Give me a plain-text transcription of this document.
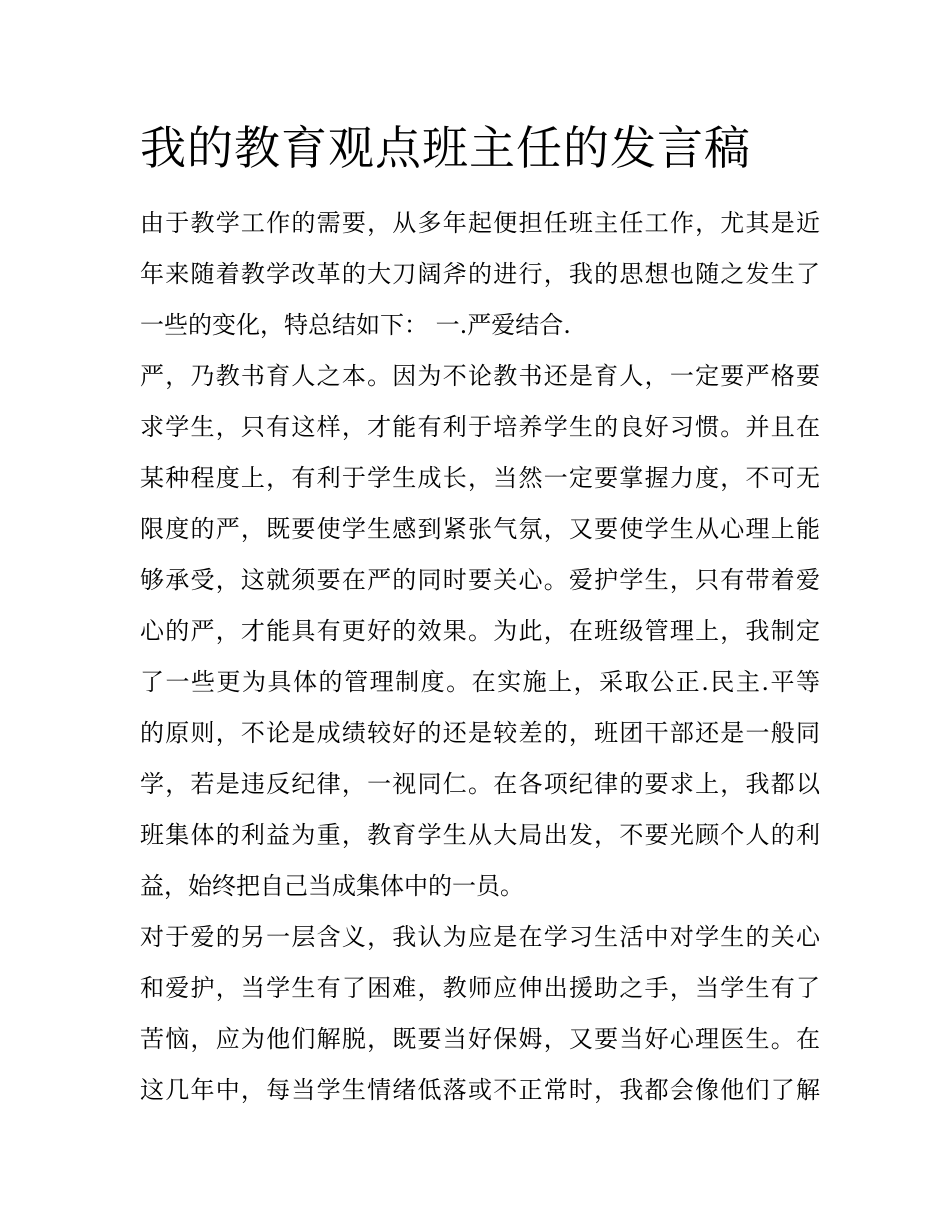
我的教育观点班主任的发言稿
由于教学工作的需要，从多年起便担任班主任工作，尤其是近
年来随着教学改革的大刀阔斧的进行，我的思想也随之发生了
一些的变化，特总结如下： 一.严爱结合.
严，乃教书育人之本。因为不论教书还是育人，一定要严格要
求学生，只有这样，才能有利于培养学生的良好习惯。并且在
某种程度上，有利于学生成长，当然一定要掌握力度，不可无
限度的严，既要使学生感到紧张气氛，又要使学生从心理上能
够承受，这就须要在严的同时要关心。爱护学生，只有带着爱
心的严，才能具有更好的效果。为此，在班级管理上，我制定
了一些更为具体的管理制度。在实施上，采取公正.民主.平等
的原则，不论是成绩较好的还是较差的，班团干部还是一般同
学，若是违反纪律，一视同仁。在各项纪律的要求上，我都以
班集体的利益为重，教育学生从大局出发，不要光顾个人的利
益，始终把自己当成集体中的一员。
对于爱的另一层含义，我认为应是在学习生活中对学生的关心
和爱护，当学生有了困难，教师应伸出援助之手，当学生有了
苦恼，应为他们解脱，既要当好保姆，又要当好心理医生。在
这几年中，每当学生情绪低落或不正常时，我都会像他们了解
